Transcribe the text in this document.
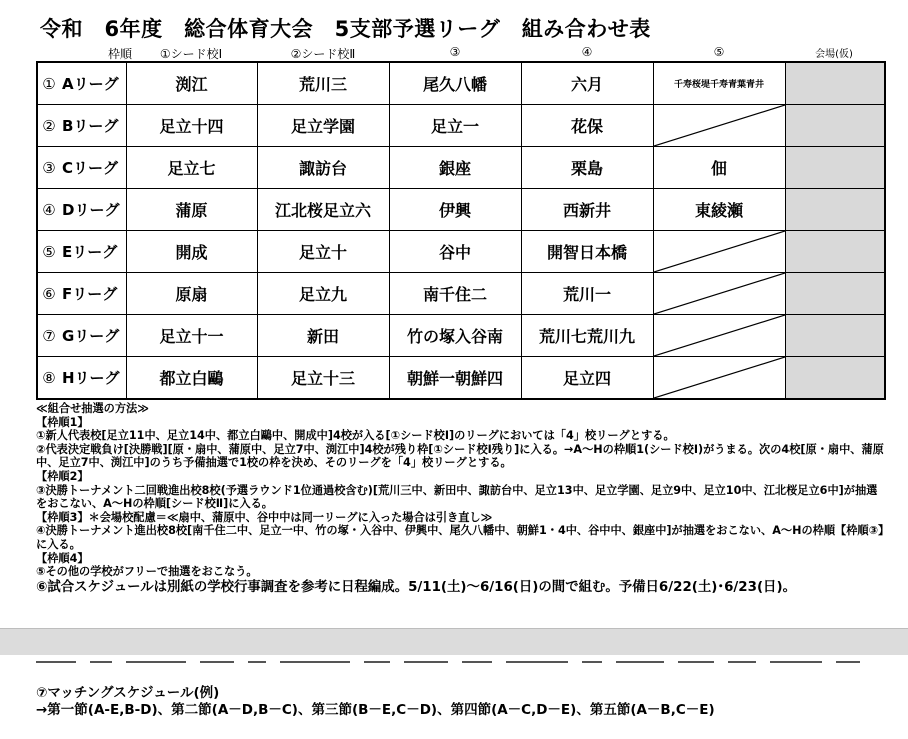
令和　6年度　総合体育大会　5支部予選リーグ　組み合わせ表
枠順	①シード校Ⅰ	②シード校Ⅱ	③	④	⑤	会場(仮)
①	Aリーグ	渕江	荒川三	尾久八幡	六月	千寿桜堤千寿青葉青井	
②	Bリーグ	足立十四	足立学園	足立一	花保	

③	Cリーグ	足立七	諏訪台	銀座	栗島	佃	
④	Dリーグ	蒲原	江北桜足立六	伊興	西新井	東綾瀬	
⑤	Eリーグ	開成	足立十	谷中	開智日本橋	

⑥	Fリーグ	原扇	足立九	南千住二	荒川一	

⑦	Gリーグ	足立十一	新田	竹の塚入谷南	荒川七荒川九	

⑧	Hリーグ	都立白鷗	足立十三	朝鮮一朝鮮四	足立四	

≪組合せ抽選の方法≫
【枠順1】
①新人代表校[足立11中、足立14中、都立白鷗中、開成中]4校が入る[①シード校Ⅰ]のリーグにおいては「4」校リーグとする。
②代表決定戦負け[決勝戦][原・扇中、蒲原中、足立7中、渕江中]4校が残り枠[①シード校Ⅰ残り]に入る。→A～Hの枠順1(シード校Ⅰ)がうまる。次の4校[原・扇中、蒲原中、足立7中、渕江中]のうち予備抽選で1校の枠を決め、そのリーグを「4」校リーグとする。
【枠順2】
③決勝トーナメント二回戦進出校8校(予選ラウンド1位通過校含む)[荒川三中、新田中、諏訪台中、足立13中、足立学園、足立9中、足立10中、江北桜足立6中]が抽選をおこない、A～Hの枠順[シード校Ⅱ]に入る。
【枠順3】＊会場校配慮＝≪扇中、蒲原中、谷中中は同一リーグに入った場合は引き直し≫
④決勝トーナメント進出校8校[南千住二中、足立一中、竹の塚・入谷中、伊興中、尾久八幡中、朝鮮1・4中、谷中中、銀座中]が抽選をおこない、A～Hの枠順【枠順③】に入る。
【枠順4】
⑤その他の学校がフリーで抽選をおこなう。
⑥試合スケジュールは別紙の学校行事調査を参考に日程編成。5/11(土)～6/16(日)の間で組む。予備日6/22(土)･6/23(日)。
⑦マッチングスケジュール(例)
→第一節(A-E,B-D)、第二節(A－D,B－C)、第三節(B－E,C－D)、第四節(A－C,D－E)、第五節(A－B,C－E)
